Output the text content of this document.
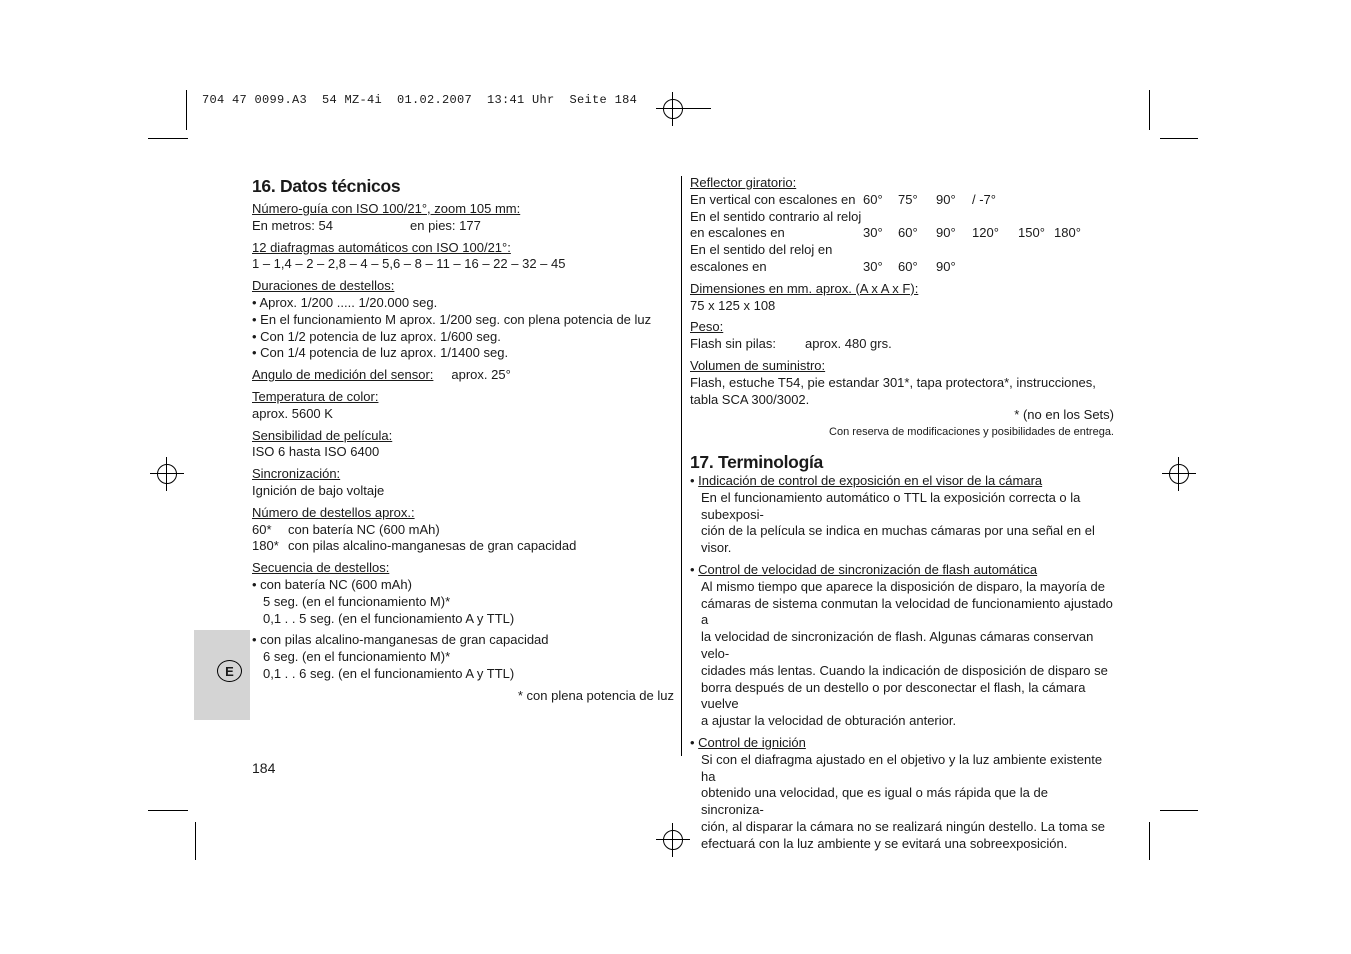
704 47 0099.A3  54 MZ-4i  01.02.2007  13:41 Uhr  Seite 184
E
16. Datos técnicos
Número-guía con ISO 100/21°, zoom 105 mm:
En metros: 54	en pies: 177
12 diafragmas automáticos con ISO 100/21°:
1 – 1,4 – 2 – 2,8 – 4 – 5,6 – 8 – 11 – 16 – 22 – 32 – 45
Duraciones de destellos:
• Aprox. 1/200 ..... 1/20.000 seg.
• En el funcionamiento M aprox. 1/200 seg. con plena potencia de luz
• Con 1/2 potencia de luz aprox. 1/600 seg.
• Con 1/4 potencia de luz aprox. 1/1400 seg.
Angulo de medición del sensor: aprox. 25°
Temperatura de color:
aprox. 5600 K
Sensibilidad de película:
ISO 6 hasta ISO 6400
Sincronización:
Ignición de bajo voltaje
Número de destellos aprox.:
60*	con batería NC (600 mAh)
180* con pilas alcalino-manganesas de gran capacidad
Secuencia de destellos:
• con batería NC (600 mAh)
5 seg. (en el funcionamiento M)*
0,1 . . 5 seg. (en el funcionamiento A y TTL)
• con pilas alcalino-manganesas de gran capacidad
6 seg. (en el funcionamiento M)*
0,1 . . 6 seg. (en el funcionamiento A y TTL)
* con plena potencia de luz
184
Reflector giratorio:
En vertical con escalones en	60°	75°	90°	/ -7°		
En el sentido contrario al reloj						
en escalones en	30°	60°	90°	120°	150°	180°
En el sentido del reloj en						
escalones en	30°	60°	90°			
Dimensiones en mm. aprox. (A x A x F):
75 x 125 x 108
Peso:
Flash sin pilas:	aprox. 480 grs.
Volumen de suministro:
Flash, estuche T54, pie estandar 301*, tapa protectora*, instrucciones,
tabla SCA 300/3002.
* (no en los Sets)
Con reserva de modificaciones y posibilidades de entrega.
17. Terminología
• Indicación de control de exposición en el visor de la cámara
En el funcionamiento automático o TTL la exposición correcta o la subexposi-
ción de la película se indica en muchas cámaras por una señal en el visor.
• Control de velocidad de sincronización de flash automática
Al mismo tiempo que aparece la disposición de disparo, la mayoría de
cámaras de sistema conmutan la velocidad de funcionamiento ajustado a
la velocidad de sincronización de flash. Algunas cámaras conservan velo-
cidades más lentas. Cuando la indicación de disposición de disparo se
borra después de un destello o por desconectar el flash, la cámara vuelve
a ajustar la velocidad de obturación anterior.
• Control de ignición
Si con el diafragma ajustado en el objetivo y la luz ambiente existente ha
obtenido una velocidad, que es igual o más rápida que la de sincroniza-
ción, al disparar la cámara no se realizará ningún destello. La toma se
efectuará con la luz ambiente y se evitará una sobreexposición.
